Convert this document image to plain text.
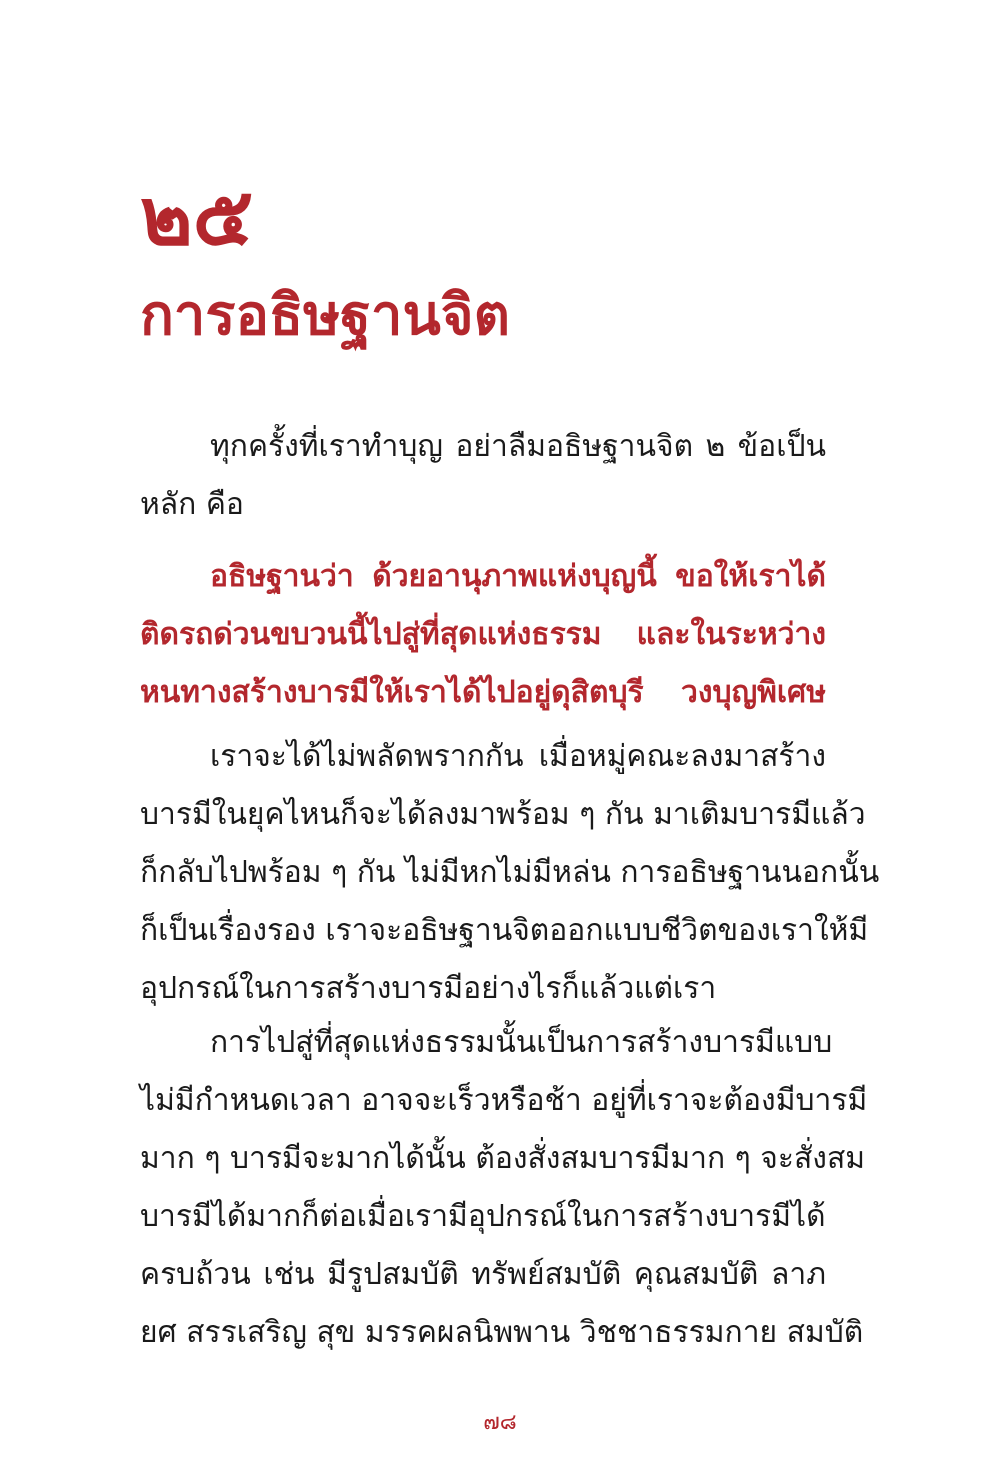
๒๕
การอธิษฐานจิต

ทุกครั้งที่เราทำบุญ อย่าลืมอธิษฐานจิต ๒ ข้อเป็น
หลัก คือ

อธิษฐานว่า ด้วยอานุภาพแห่งบุญนี้ ขอให้เราได้
ติดรถด่วนขบวนนี้ไปสู่ที่สุดแห่งธรรม และในระหว่าง
หนทางสร้างบารมีให้เราได้ไปอยู่ดุสิตบุรี วงบุญพิเศษ

เราจะได้ไม่พลัดพรากกัน เมื่อหมู่คณะลงมาสร้าง
บารมีในยุคไหนก็จะได้ลงมาพร้อม ๆ กัน มาเติมบารมีแล้ว
ก็กลับไปพร้อม ๆ กัน ไม่มีหกไม่มีหล่น การอธิษฐานนอกนั้น
ก็เป็นเรื่องรอง เราจะอธิษฐานจิตออกแบบชีวิตของเราให้มี
อุปกรณ์ในการสร้างบารมีอย่างไรก็แล้วแต่เรา

การไปสู่ที่สุดแห่งธรรมนั้นเป็นการสร้างบารมีแบบ
ไม่มีกำหนดเวลา อาจจะเร็วหรือช้า อยู่ที่เราจะต้องมีบารมี
มาก ๆ บารมีจะมากได้นั้น ต้องสั่งสมบารมีมาก ๆ จะสั่งสม
บารมีได้มากก็ต่อเมื่อเรามีอุปกรณ์ในการสร้างบารมีได้
ครบถ้วน เช่น มีรูปสมบัติ ทรัพย์สมบัติ คุณสมบัติ ลาภ
ยศ สรรเสริญ สุข มรรคผลนิพพาน วิชชาธรรมกาย สมบัติ

๗๘
